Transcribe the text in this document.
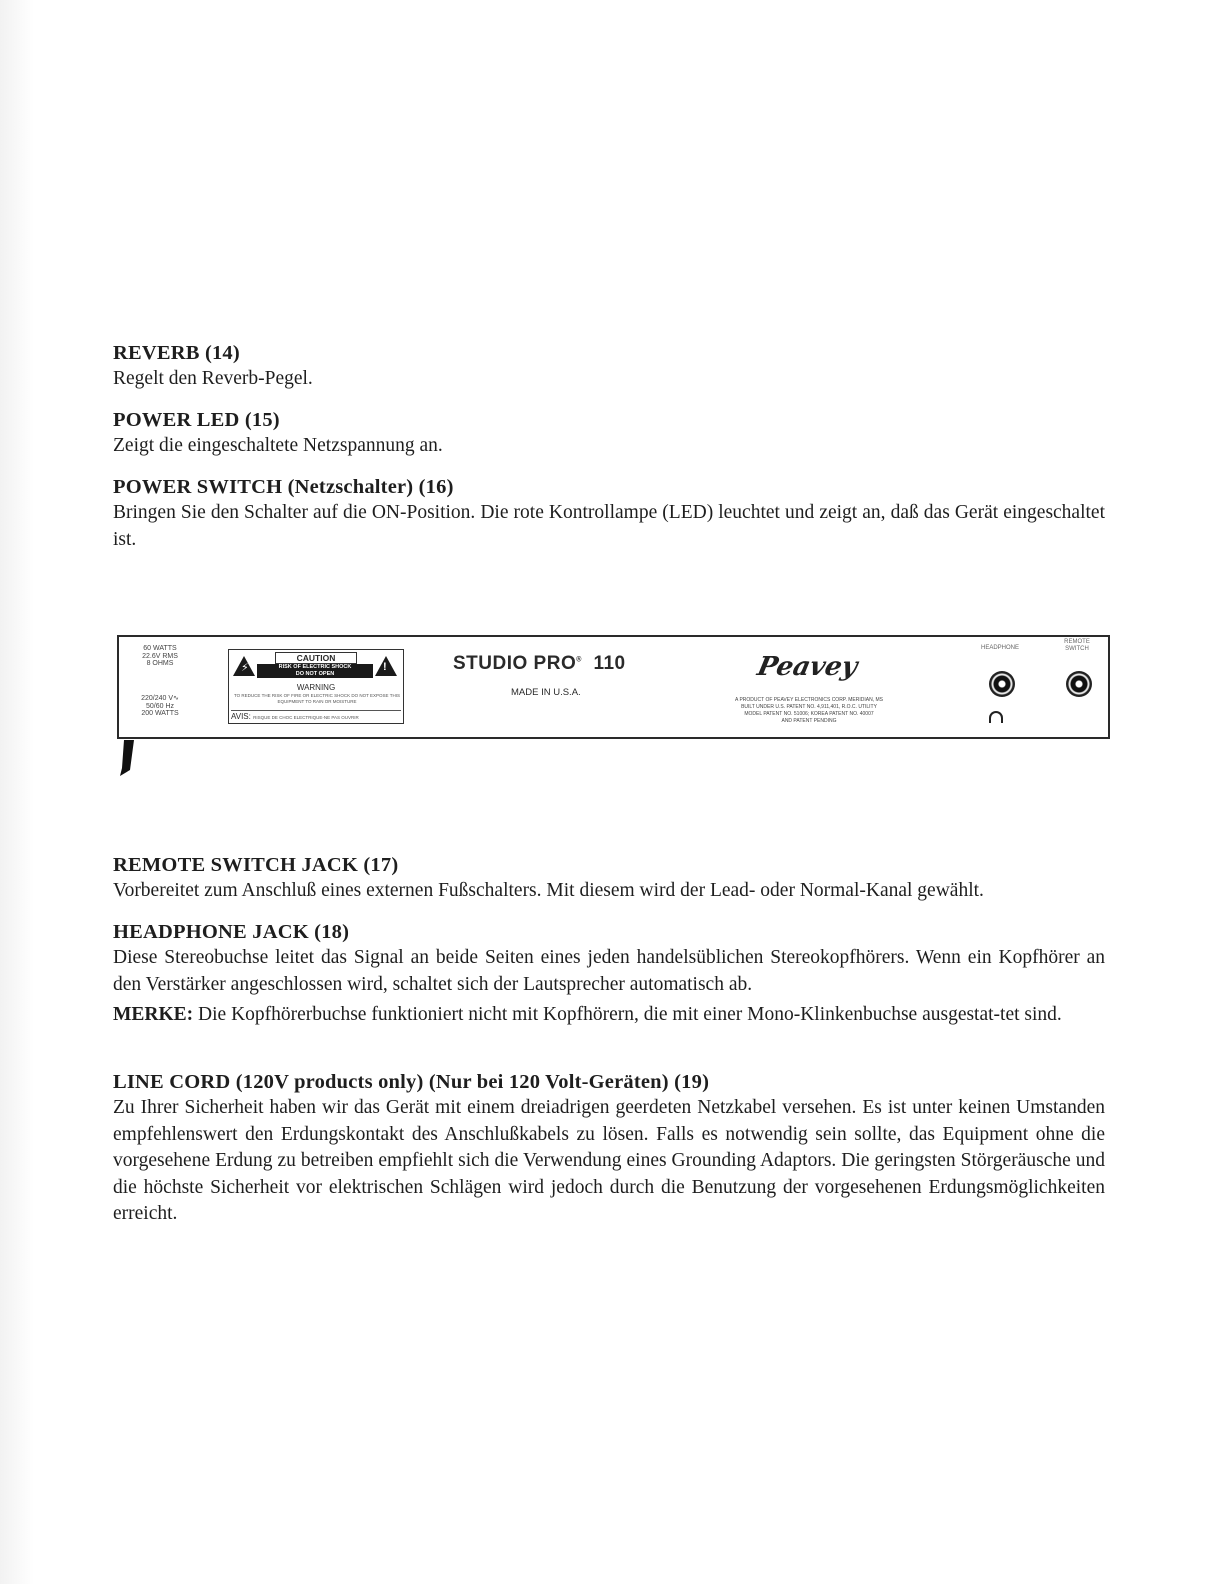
REVERB (14)

Regelt den Reverb-Pegel.

POWER LED (15)

Zeigt die eingeschaltete Netzspannung an.

POWER SWITCH (Netzschalter) (16)

Bringen Sie den Schalter auf die ON-Position. Die rote Kontrollampe (LED) leuchtet und zeigt an, daß das Gerät eingeschaltet ist.

60 WATTS
22.6V RMS
8 OHMS
220/240 V∿
50/60 Hz
200 WATTS
⚡	!
CAUTION
RISK OF ELECTRIC SHOCK
DO NOT OPEN
WARNING
TO REDUCE THE RISK OF FIRE OR ELECTRIC SHOCK DO NOT EXPOSE THIS EQUIPMENT TO RAIN OR MOISTURE
AVIS: RISQUE DE CHOC ELECTRIQUE-NE PAS OUVRIR
STUDIO PRO® 110
MADE IN U.S.A.
Peavey
A PRODUCT OF PEAVEY ELECTRONICS CORP. MERIDIAN, MS
BUILT UNDER U.S. PATENT NO. 4,911,401, R.O.C. UTILITY
MODEL PATENT NO. 51006; KOREA PATENT NO. 40007
AND PATENT PENDING
HEADPHONE
REMOTE
SWITCH

REMOTE SWITCH JACK (17)

Vorbereitet zum Anschluß eines externen Fußschalters. Mit diesem wird der Lead- oder Normal-Kanal gewählt.

HEADPHONE JACK (18)

Diese Stereobuchse leitet das Signal an beide Seiten eines jeden handelsüblichen Stereokopfhörers. Wenn ein Kopfhörer an den Verstärker angeschlossen wird, schaltet sich der Lautsprecher automatisch ab.

MERKE: Die Kopfhörerbuchse funktioniert nicht mit Kopfhörern, die mit einer Mono-Klinkenbuchse ausgestat-tet sind.

LINE CORD (120V products only) (Nur bei 120 Volt-Geräten) (19)

Zu Ihrer Sicherheit haben wir das Gerät mit einem dreiadrigen geerdeten Netzkabel versehen. Es ist unter keinen Umstanden empfehlenswert den Erdungskontakt des Anschlußkabels zu lösen. Falls es notwendig sein sollte, das Equipment ohne die vorgesehene Erdung zu betreiben empfiehlt sich die Verwendung eines Grounding Adaptors. Die geringsten Störgeräusche und die höchste Sicherheit vor elektrischen Schlägen wird jedoch durch die Benutzung der vorgesehenen Erdungsmöglichkeiten erreicht.
